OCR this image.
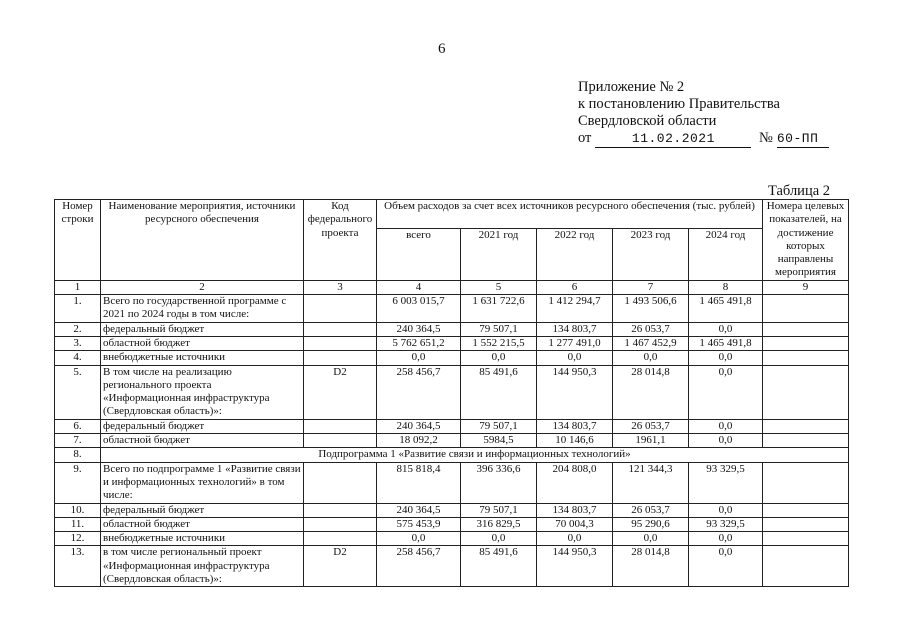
6
Приложение № 2
к постановлению Правительства
Свердловской области
от	11.02.2021	№ 60-ПП
Таблица 2
Номер строки	Наименование мероприятия, источники ресурсного обеспечения	Код федерального проекта	Объем расходов за счет всех источников ресурсного обеспечения (тыс. рублей)					Номера целевых показателей, на достижение которых направлены мероприятия
			всего	2021 год	2022 год	2023 год	2024 год	
1	2	3	4	5	6	7	8	9
1.	Всего по государственной программе с 2021 по 2024 годы в том числе:		6 003 015,7	1 631 722,6	1 412 294,7	1 493 506,6	1 465 491,8	
2.	федеральный бюджет		240 364,5	79 507,1	134 803,7	26 053,7	0,0	
3.	областной бюджет		5 762 651,2	1 552 215,5	1 277 491,0	1 467 452,9	1 465 491,8	
4.	внебюджетные источники		0,0	0,0	0,0	0,0	0,0	
5.	В том числе на реализацию регионального проекта «Информационная инфраструктура (Свердловская область)»:	D2	258 456,7	85 491,6	144 950,3	28 014,8	0,0	
6.	федеральный бюджет		240 364,5	79 507,1	134 803,7	26 053,7	0,0	
7.	областной бюджет		18 092,2	5984,5	10 146,6	1961,1	0,0	
8.	Подпрограмма 1 «Развитие связи и информационных технологий»							
9.	Всего по подпрограмме 1 «Развитие связи и информационных технологий» в том числе:		815 818,4	396 336,6	204 808,0	121 344,3	93 329,5	
10.	федеральный бюджет		240 364,5	79 507,1	134 803,7	26 053,7	0,0	
11.	областной бюджет		575 453,9	316 829,5	70 004,3	95 290,6	93 329,5	
12.	внебюджетные источники		0,0	0,0	0,0	0,0	0,0	
13.	в том числе региональный проект «Информационная инфраструктура (Свердловская область)»:	D2	258 456,7	85 491,6	144 950,3	28 014,8	0,0	
